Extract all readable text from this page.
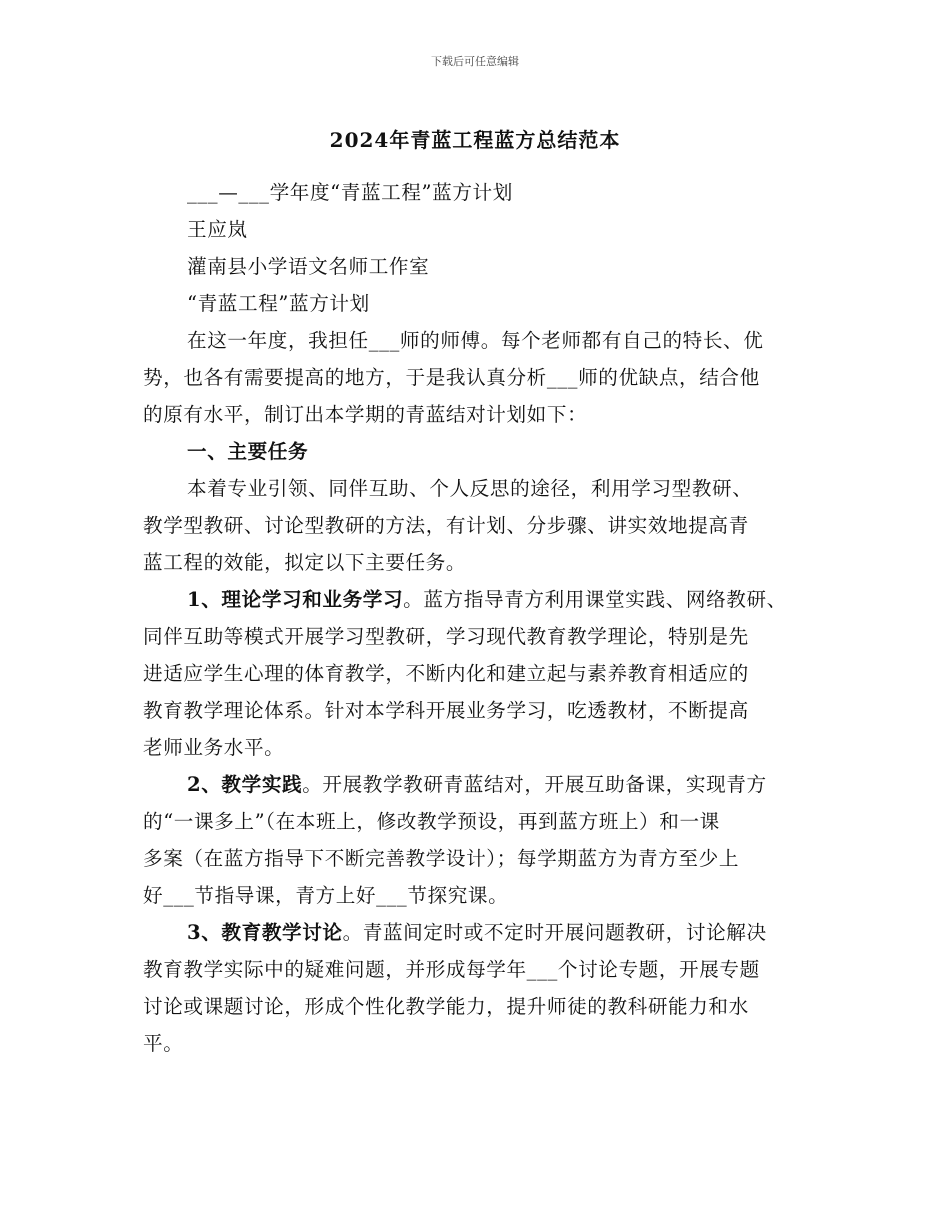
下载后可任意编辑
2024年青蓝工程蓝方总结范本
___—___学年度“青蓝工程”蓝方计划
王应岚
灌南县小学语文名师工作室
“青蓝工程”蓝方计划
在这一年度，我担任___师的师傅。每个老师都有自己的特长、优
势，也各有需要提高的地方，于是我认真分析___师的优缺点，结合他
的原有水平，制订出本学期的青蓝结对计划如下：
一、主要任务
本着专业引领、同伴互助、个人反思的途径，利用学习型教研、
教学型教研、讨论型教研的方法，有计划、分步骤、讲实效地提高青
蓝工程的效能，拟定以下主要任务。
1、理论学习和业务学习。蓝方指导青方利用课堂实践、网络教研、
同伴互助等模式开展学习型教研，学习现代教育教学理论，特别是先
进适应学生心理的体育教学，不断内化和建立起与素养教育相适应的
教育教学理论体系。针对本学科开展业务学习，吃透教材，不断提高
老师业务水平。
2、教学实践。开展教学教研青蓝结对，开展互助备课，实现青方
的“一课多上”（在本班上，修改教学预设，再到蓝方班上）和一课
多案（在蓝方指导下不断完善教学设计）；每学期蓝方为青方至少上
好___节指导课，青方上好___节探究课。
3、教育教学讨论。青蓝间定时或不定时开展问题教研，讨论解决
教育教学实际中的疑难问题，并形成每学年___个讨论专题，开展专题
讨论或课题讨论，形成个性化教学能力，提升师徒的教科研能力和水
平。
